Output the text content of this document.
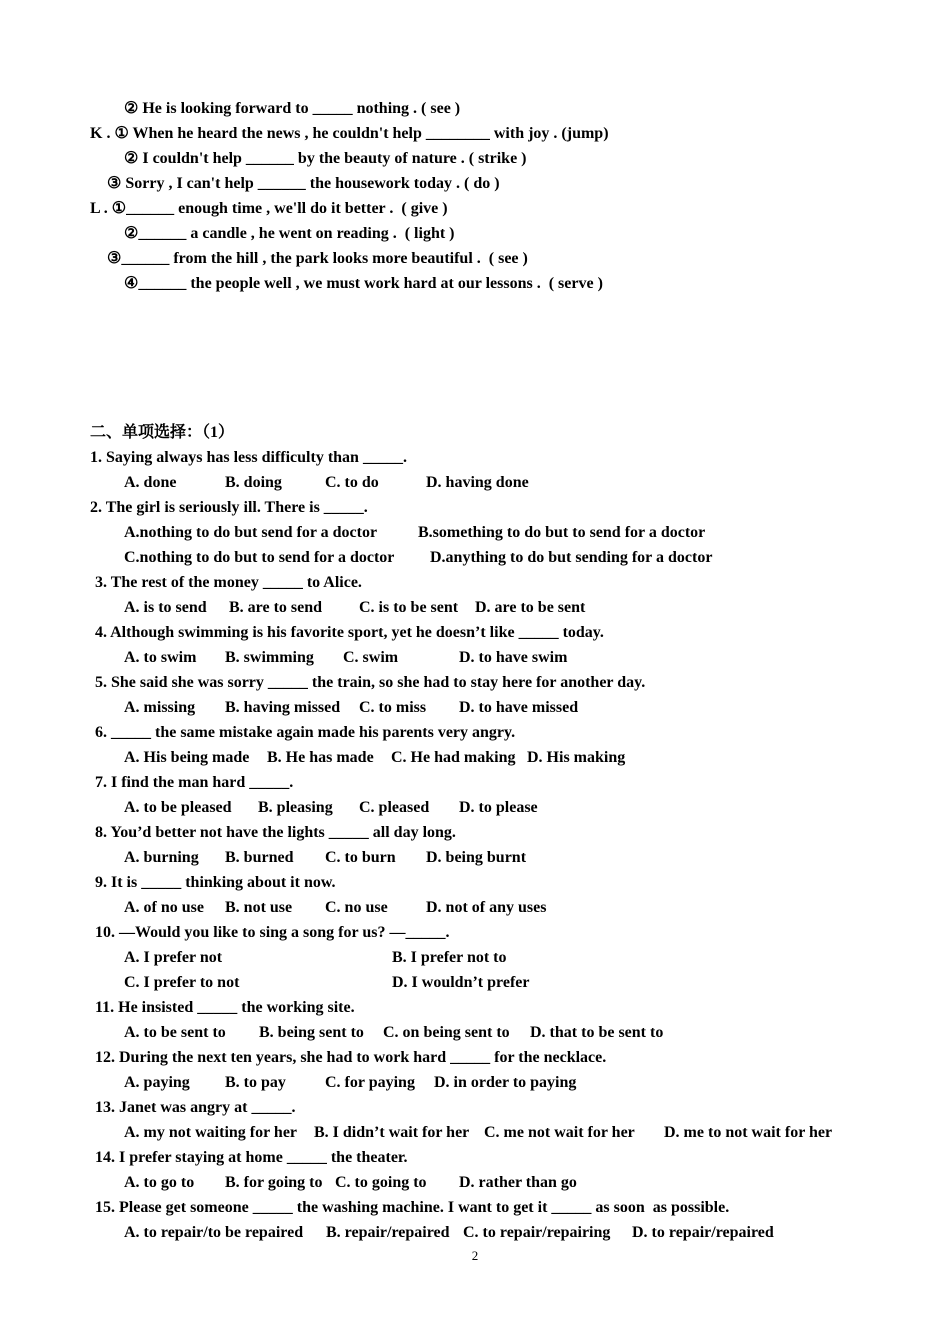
② He is looking forward to _____ nothing . ( see )
K . ① When he heard the news , he couldn't help ________ with joy . (jump)
② I couldn't help ______ by the beauty of nature . ( strike )
③ Sorry , I can't help ______ the housework today . ( do )
L . ①______ enough time , we'll do it better .  ( give )
②______ a candle , he went on reading .  ( light )
③______ from the hill , the park looks more beautiful .  ( see )
④______ the people well , we must work hard at our lessons .  ( serve )
二、单项选择：（1）
1. Saying always has less difficulty than _____.

A. done

	B. doing

	C. to do

	D. having done

2. The girl is seriously ill. There is _____.

A.nothing to do but send for a doctor

	B.something to do but to send for a doctor

C.nothing to do but to send for a doctor

D.anything to do but sending for a doctor

3. The rest of the money _____ to Alice.

A. is to send

B. are to send

C. is to be sent

D. are to be sent

4. Although swimming is his favorite sport, yet he doesn’t like _____ today.

A. to swim

B. swimming

C. swim

	D. to have swim

5. She said she was sorry _____ the train, so she had to stay here for another day.

A. missing

B. having missed

C. to miss

D. to have missed

6. _____ the same mistake again made his parents very angry.

A. His being made

B. He has made

C. He had making

D. His making

7. I find the man hard _____.

A. to be pleased

B. pleasing

C. pleased

D. to please

8. You’d better not have the lights _____ all day long.

A. burning

B. burned

C. to burn

D. being burnt

9. It is _____ thinking about it now.

A. of no use

B. not use

C. no use

D. not of any uses

10. —Would you like to sing a song for us? —_____.

A. I prefer not

	B. I prefer not to

C. I prefer to not

	D. I wouldn’t prefer

11. He insisted _____ the working site.

A. to be sent to

B. being sent to

C. on being sent to

D. that to be sent to

12. During the next ten years, she had to work hard _____ for the necklace.

A. paying

B. to pay

C. for paying

D. in order to paying

13. Janet was angry at _____.

A. my not waiting for her

B. I didn’t wait for her

C. me not wait for her

D. me to not wait for her

14. I prefer staying at home _____ the theater.

A. to go to

B. for going to

C. to going to

D. rather than go

15. Please get someone _____ the washing machine. I want to get it _____ as soon  as possible.

A. to repair/to be repaired

B. repair/repaired

C. to repair/repairing

D. to repair/repaired

2
